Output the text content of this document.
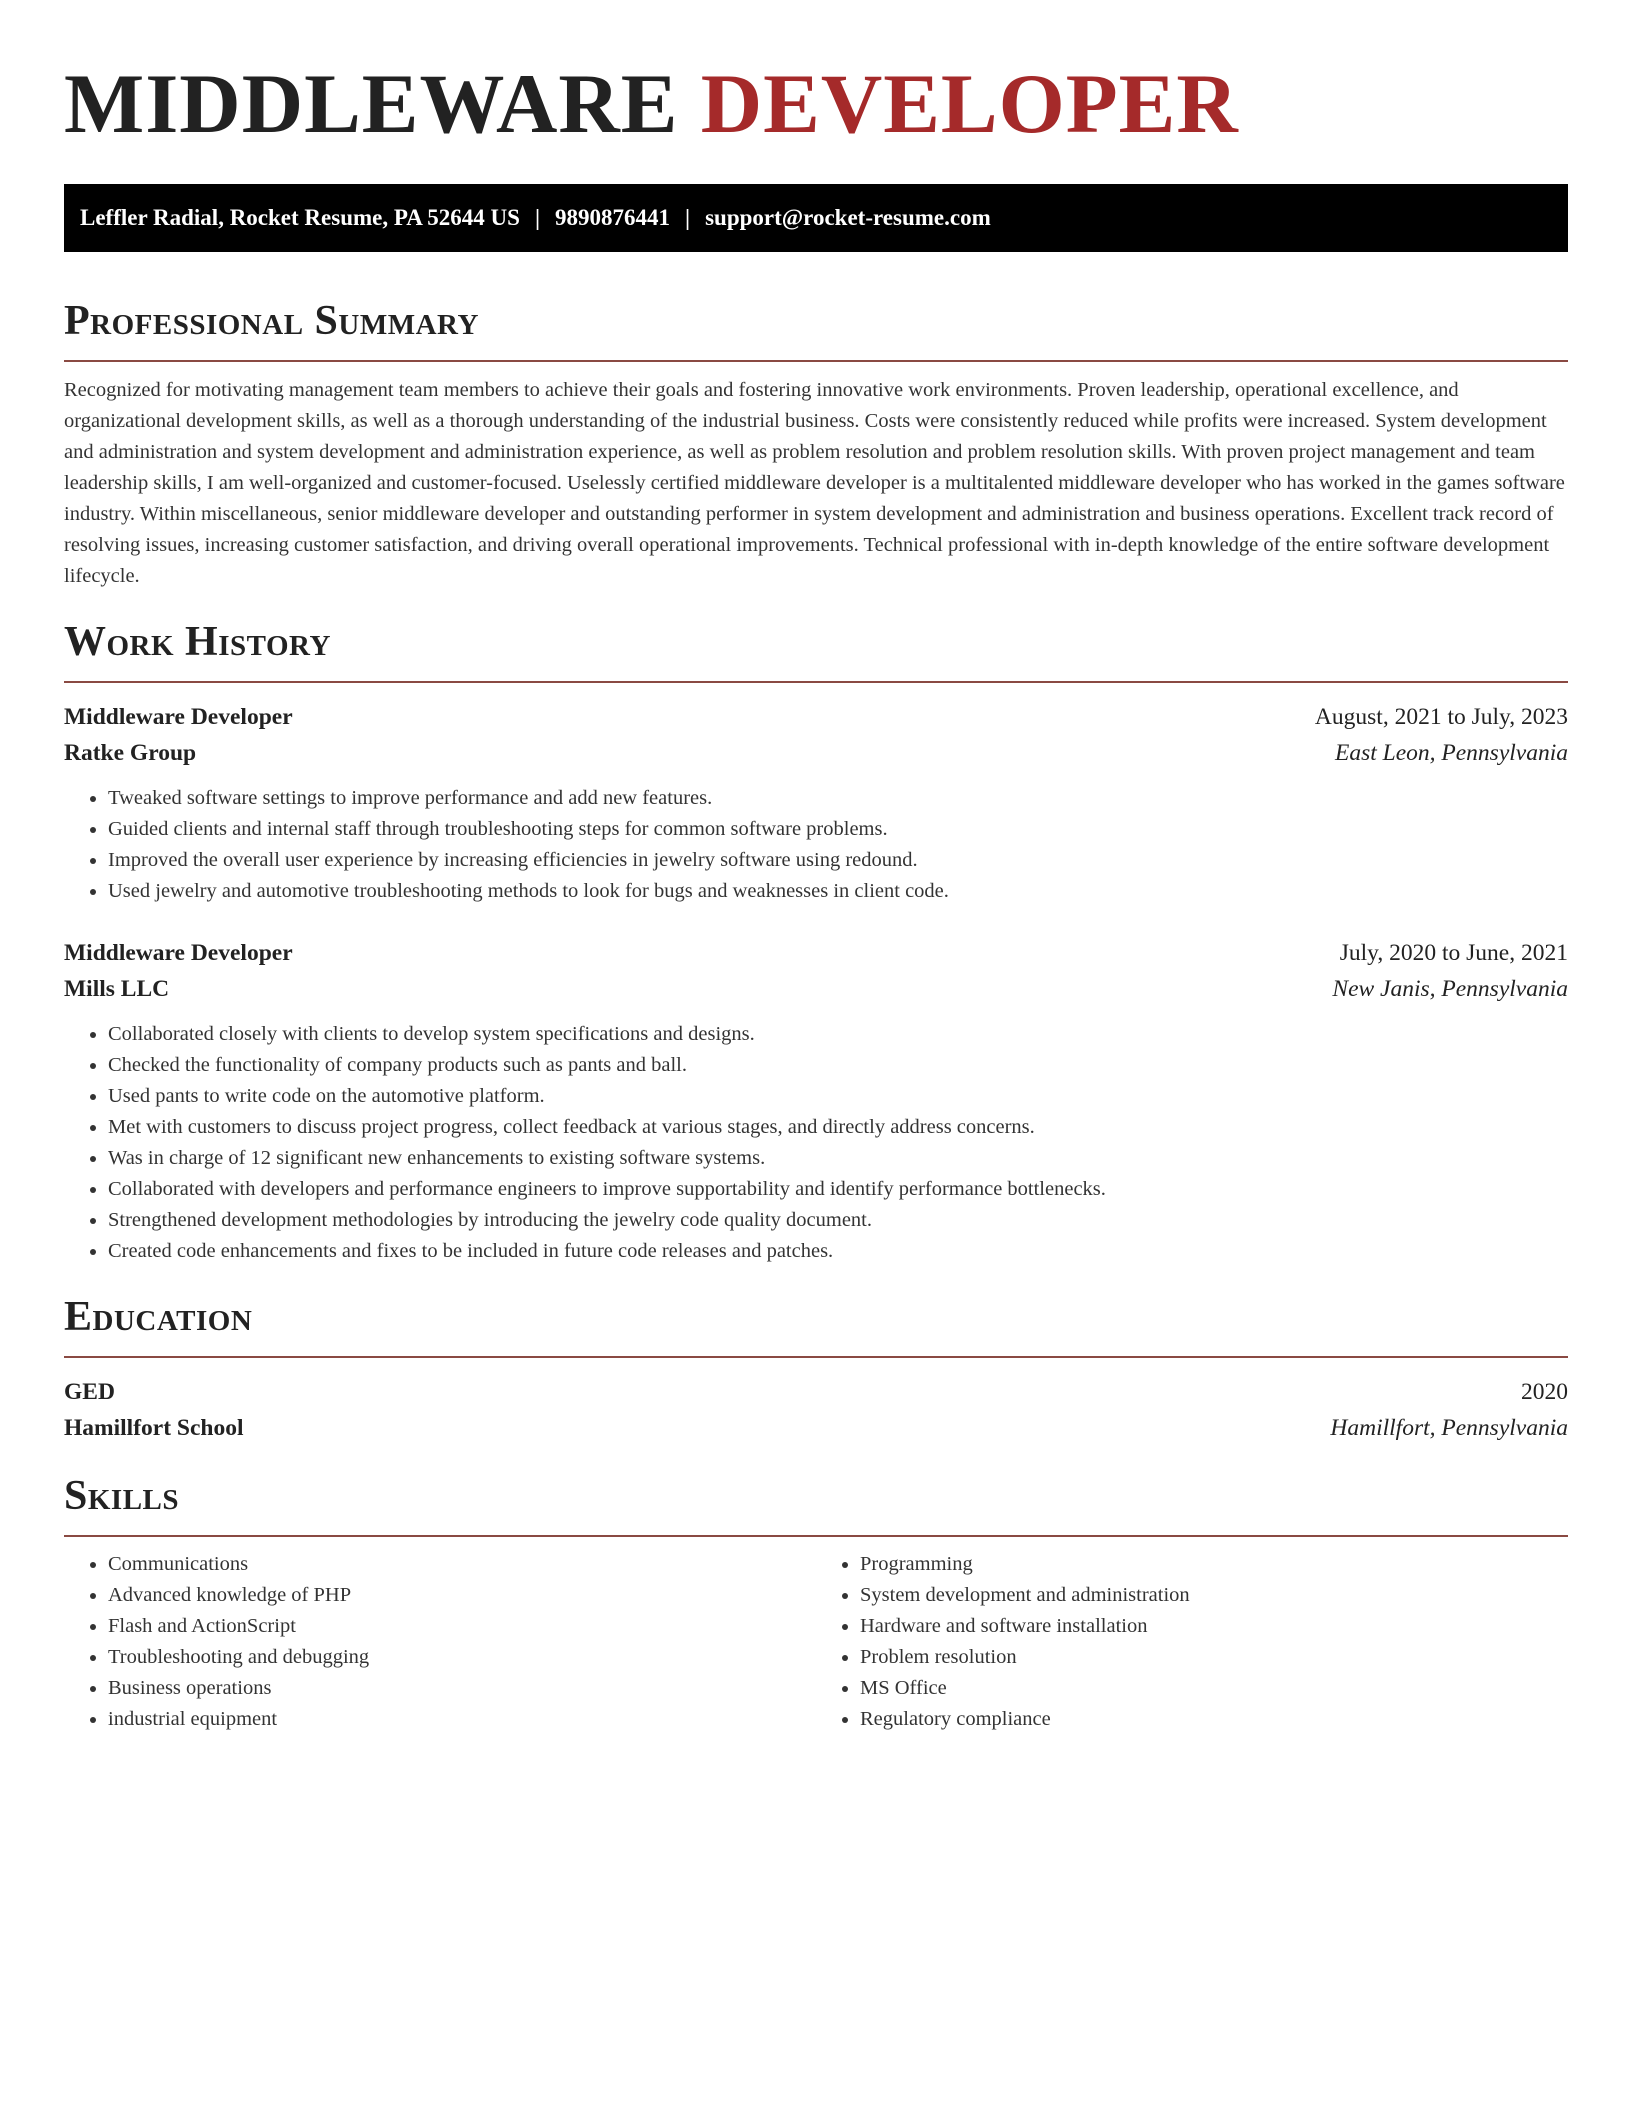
MIDDLEWARE DEVELOPER
Leffler Radial, Rocket Resume, PA 52644 US | 9890876441 | support@rocket-resume.com
Professional Summary

Recognized for motivating management team members to achieve their goals and fostering innovative work environments. Proven leadership, operational excellence, and organizational development skills, as well as a thorough understanding of the industrial business. Costs were consistently reduced while profits were increased. System development and administration and system development and administration experience, as well as problem resolution and problem resolution skills. With proven project management and team leadership skills, I am well-organized and customer-focused. Uselessly certified middleware developer is a multitalented middleware developer who has worked in the games software industry. Within miscellaneous, senior middleware developer and outstanding performer in system development and administration and business operations. Excellent track record of resolving issues, increasing customer satisfaction, and driving overall operational improvements. Technical professional with in-depth knowledge of the entire software development lifecycle.

Work History
Middleware Developer	August, 2021 to July, 2023
Ratke Group	East Leon, Pennsylvania
• Tweaked software settings to improve performance and add new features.
• Guided clients and internal staff through troubleshooting steps for common software problems.
• Improved the overall user experience by increasing efficiencies in jewelry software using redound.
• Used jewelry and automotive troubleshooting methods to look for bugs and weaknesses in client code.
Middleware Developer	July, 2020 to June, 2021
Mills LLC	New Janis, Pennsylvania
• Collaborated closely with clients to develop system specifications and designs.
• Checked the functionality of company products such as pants and ball.
• Used pants to write code on the automotive platform.
• Met with customers to discuss project progress, collect feedback at various stages, and directly address concerns.
• Was in charge of 12 significant new enhancements to existing software systems.
• Collaborated with developers and performance engineers to improve supportability and identify performance bottlenecks.
• Strengthened development methodologies by introducing the jewelry code quality document.
• Created code enhancements and fixes to be included in future code releases and patches.
Education
GED	2020
Hamillfort School	Hamillfort, Pennsylvania
Skills
• Communications
• Advanced knowledge of PHP
• Flash and ActionScript
• Troubleshooting and debugging
• Business operations
• industrial equipment
• Programming
• System development and administration
• Hardware and software installation
• Problem resolution
• MS Office
• Regulatory compliance
